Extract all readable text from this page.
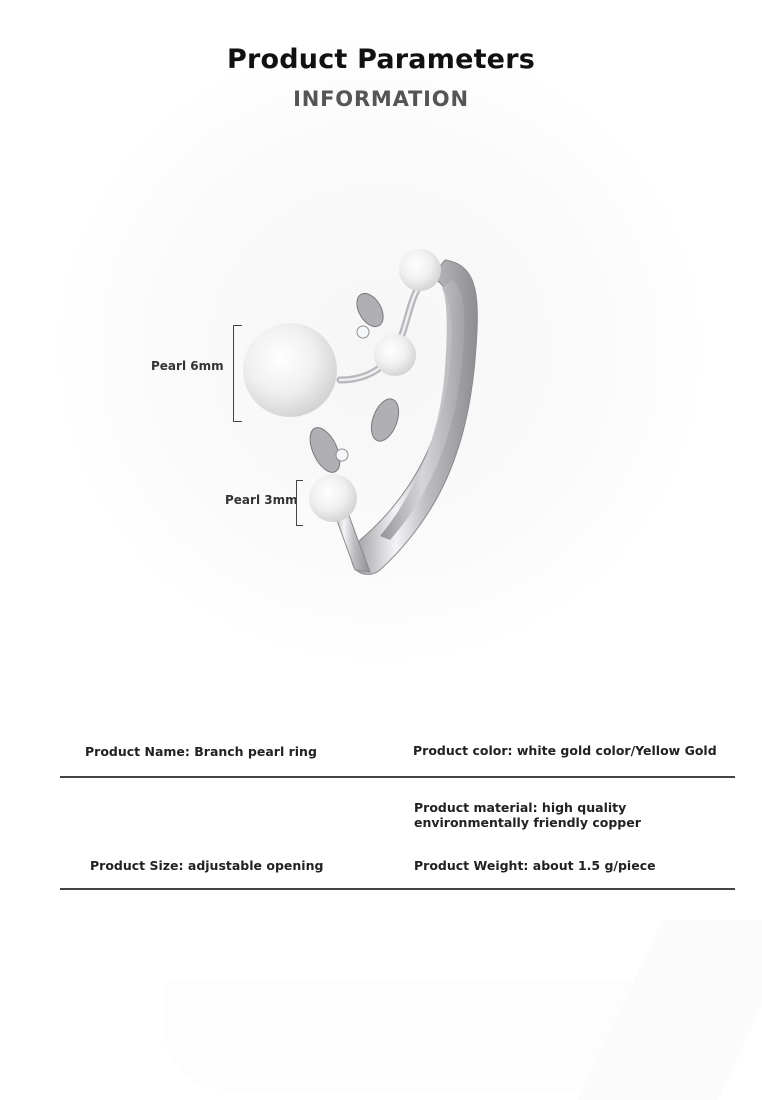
Product Parameters
INFORMATION
Pearl 6mm
Pearl 3mm
Product Name: Branch pearl ring	Product color: white gold color/Yellow Gold
Product material: high quality environmentally friendly copper
Product Size: adjustable opening	Product Weight: about 1.5 g/piece
